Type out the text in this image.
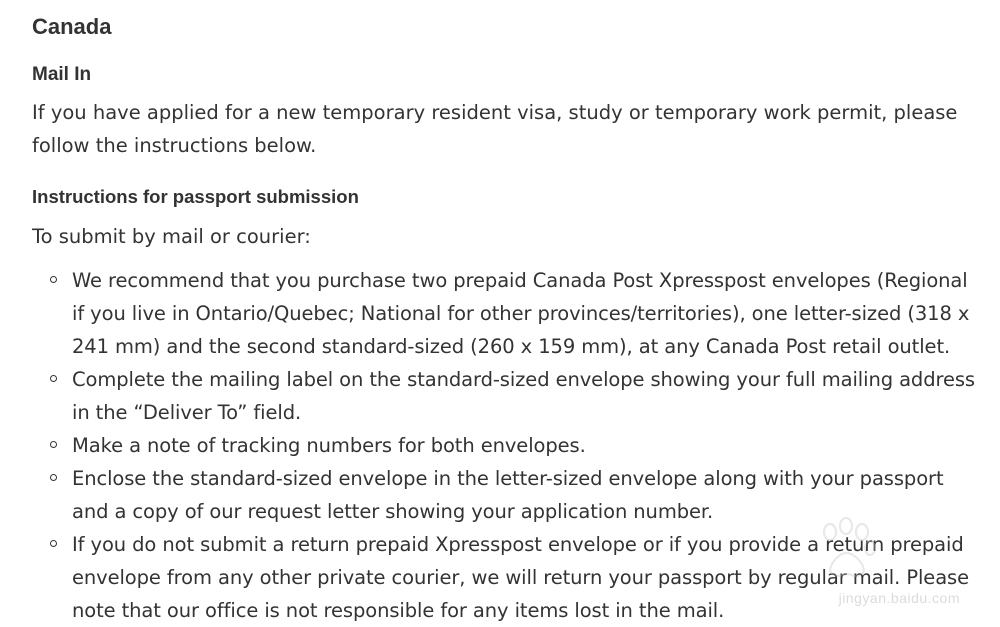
Canada
Mail In

If you have applied for a new temporary resident visa, study or temporary work permit, please follow the instructions below.

Instructions for passport submission

To submit by mail or courier:

We recommend that you purchase two prepaid Canada Post Xpresspost envelopes (Regional if you live in Ontario/Quebec; National for other provinces/territories), one letter-sized (318 x 241 mm) and the second standard-sized (260 x 159 mm), at any Canada Post retail outlet.
Complete the mailing label on the standard-sized envelope showing your full mailing address in the “Deliver To” field.
Make a note of tracking numbers for both envelopes.
Enclose the standard-sized envelope in the letter-sized envelope along with your passport and a copy of our request letter showing your application number.
If you do not submit a return prepaid Xpresspost envelope or if you provide a return prepaid envelope from any other private courier, we will return your passport by regular mail. Please note that our office is not responsible for any items lost in the mail.
jingyan.baidu.com
